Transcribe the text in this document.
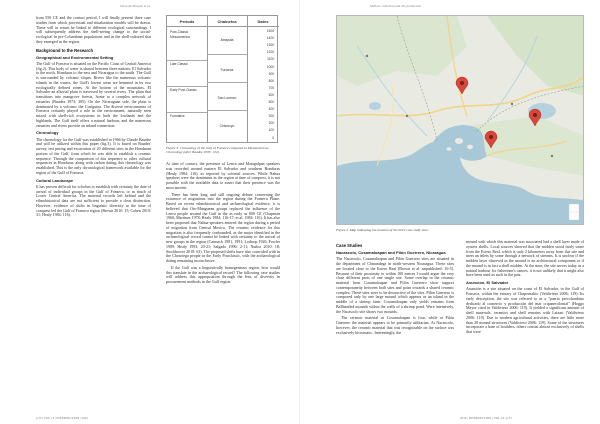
Silvia del Bosque et al.

from 550 CE and the contact period, I will finally present three case studies from which processual and ritualization models will be drawn. These will in return be linked to different ecological surroundings. I will subsequently address the shell-seeing change to the social-ecological in pre-Columbian populations and in the shell-cultured that they emerged in the region.

Background to the Research
Geographical and Environmental Setting

The Gulf of Fonseca is situated on the Pacific Coast of Central America (fig.2). This body of water is shared between three nations: El Salvador to the north, Honduras to the east and Nicaragua to the south. The Gulf is surrounded by volcanic slopes. Rivers like the numerous volcanic islands in the waters, the Gulf's lowest areas are hemmed in by two ecologically defined zones. At the bottom of the mountains, El Salvador an alluvial plain is traversed by several rivers. The plain that transitions into mangrove forests, home to a complex network of estuaries (Baudez 1973; 305). On the Nicaraguan side, the plain is dominated by a volcano: the Cosiguina. The diverse environments of Fonseca certainly played a role in the environment, naturally seen mixed with shell-rich ecosystems in both the lowlands and the highlands. The Gulf itself offers a natural harbour, and the numerous estuaries and rivers provide an inland connection.

Chronology

The chronology for the Gulf was established in 1966 by Claude Baudez and will be utilized within this paper (fig.3). It is based on Baudez' survey, test pitting and excavation of 20 different sites in the Honduran portion of the Gulf, from which he was able to establish a ceramic sequence. Through the comparison of this sequence to other cultural sequences in Honduras, along with carbon dating, this chronology was established. This is the only chronological framework available for the region of the Gulf of Fonseca.

Cultural Landscape

It has proven difficult for scholars to establish with certainty the date of arrival of individual groups in the Gulf of Fonseca, or as much of Lower Central America. The material records left behind and the ethnohistorical data are not sufficient to provide a clear distinction. However, evidence of shifts in linguistic diversity at the time of conquest led the Gulf of Fonseca region (Brown 2010: 15; Cohen 2010: 31; Healy 1984: 116).

Periods	Chalnetca	Dates
Post-Classic
Mesoamerica
Late Classic
Early Post-Classic
Formative
Amapala
Fonseca
San Lorenzo
Chismuyo
1500
1400
1300
1200
1100
1000
900
800
700
600
500
400
300
200
100
0
Figure 3. Chronology of the Gulf of Fonseca compared to Mesoamerican Chronology (after Baudez 1970: 132).

At time of contact, the presence of Lenca and Matagalpan speakers was recorded around eastern El Salvador and southern Honduras (Healy 1984: 116), as reported by colonial sources. While Nahua speakers were the dominants in the region at time of conquest, it is not possible with the available data to assert that their presence was the most ancient.

There has been long and still ongoing debate concerning the existence of migrations into the region during the Fonseca Phase. Based on recent ethnohistorical and archaeological evidence, it is believed that Oto-Manguean groups replaced the influence of the Lenca people around the Gulf in the as early as 800 CE (Chapman 1960; Martínez 1978; Healy 1984: 116-17; et al. 1984: 116). It has also been proposed that Nahua-speakers entered the region during a period of migration from Central Mexico. The ceramic evidence for this migration is also frequently confounded, as the major identified in the archaeological record cannot be linked with certainty to the arrival of new groups in the region (Carmack 1981, 1991; Lothrop 1926; Fowler 1989; Healy 1993: 20-21; Salgado 1996: 2-11; Nuñoz 2010: 18; Stockbower 2018: 63). The proposed shifts have also coincided with in the Chorotega people in the Early Postclassic, with the archaeological dating remaining inconclusive.

If the Gulf was a linguistically homogeneous region, how would this translate in the archaeological record? The following case studies will address this appropriation through the lens of diversity in procurement methods in the Gulf region.

p 50 | VOL 13 | INTERSECTION | 2016
Mollusc collection and site production
2016 | INTERSECTION | VOL 13 | p 51
Figure 2. Map indicating the location of the three case study sites.
Case Studies
Nacascolo, Cosamaloapan and Pilón Guerrero, Nicaragua

The Nacascolo, Cosamaloapan and Pilón Guerrero sites are situated in the department of Chinandega in north-western Nicaragua. These sites are located close to the Estero Real (Brown et al. unpublished: 16-5). Because of their proximity to within 100 metres I would argue the very close different parts of one single site. Some overlap in the ceramic material from Cosamaloapan and Pilón Guerrero show support contemporaneity between both sites and point towards a shared ceramic complex. These sites were to be destructive of the sites. Pilón Guerrero is composed only by one large mound which appears as an island in the middle of a shrimp farm. Cosamaloapan only yields remains from Ballbanded mounds within the walls of a shrimp pond. Were intensively, the Nacascolo site shows two mounds.

The ceramic material in Cosamaloapan is four, while at Pilón Guerrero the material appears to be primarily utilitarian. At Nacascolo, however, the ceramic material that was recognizable on the surface was exclusively bicromatic. Interestingly, the

mound with which this material was associated had a shell layer made of oysters shells. Local sources showed that the midden stood fairly some from the Estero Real, which is only 2 kilometres away from this site and meet an inlets by some through a network of streams. It is unclear if the midden layer observed in the mound is an architectural component or if the mound is in fact a shell midden. At the time, the site serves today as a natural harbour for fishermen's canoes, it is not unlikely that it might also have been used as such in the past.

Asunción, El Salvador

Asunción is a site situated on the coast of El Salvador, in the Gulf of Fonseca, within the estuary of Chapernalito (Valdivieso 2006; 119). Its early description, the site was referred to as a "puerto precolombino dedicado al comercio y producción del mar cripanecolonial" (Hoggo Mayor cited in Valdivieso 2006: 119). It yielded a significant amount of shell materials, ceramics and shell remains with Laizari (Valdivieso 2006: 119). Due to modern agricultural activities, there are little more than 20 mound structures (Valdivieso 2006: 119). Some of the structures incorporate a base of boulders, others consist almost exclusively of shells that were
